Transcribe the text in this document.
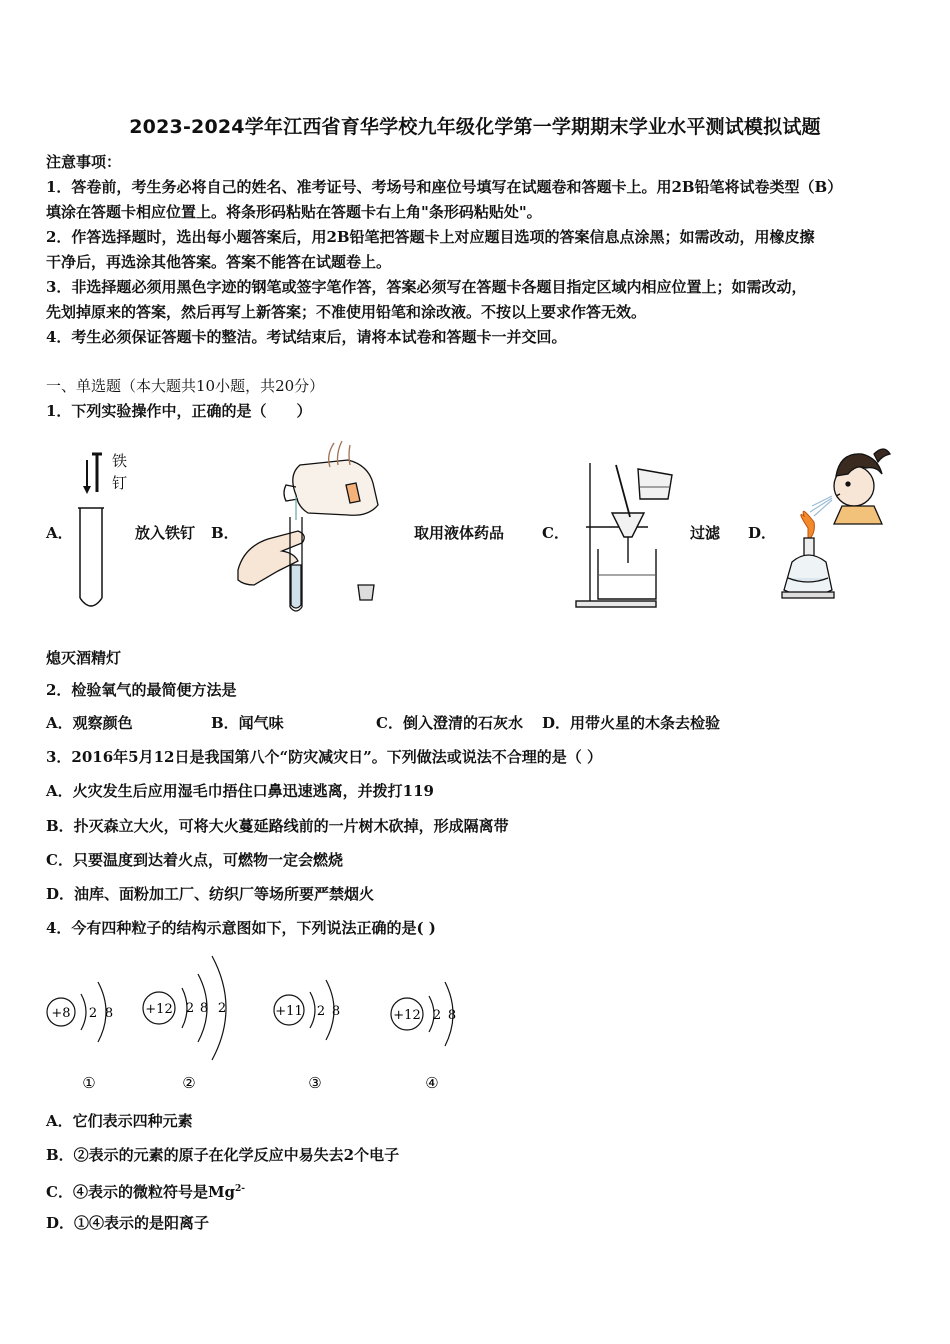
2023-2024学年江西省育华学校九年级化学第一学期期末学业水平测试模拟试题
注意事项：
1．答卷前，考生务必将自己的姓名、准考证号、考场号和座位号填写在试题卷和答题卡上。用2B铅笔将试卷类型（B）
填涂在答题卡相应位置上。将条形码粘贴在答题卡右上角"条形码粘贴处"。
2．作答选择题时，选出每小题答案后，用2B铅笔把答题卡上对应题目选项的答案信息点涂黑；如需改动，用橡皮擦
干净后，再选涂其他答案。答案不能答在试题卷上。
3．非选择题必须用黑色字迹的钢笔或签字笔作答，答案必须写在答题卡各题目指定区域内相应位置上；如需改动，
先划掉原来的答案，然后再写上新答案；不准使用铅笔和涂改液。不按以上要求作答无效。
4．考生必须保证答题卡的整洁。考试结束后，请将本试卷和答题卡一并交回。
一、单选题（本大题共10小题，共20分）
1．下列实验操作中，正确的是（　　）
A．
铁
钉
放入铁钉 B．	取用液体药品	C．	过滤 D．
熄灭酒精灯
2．检验氧气的最简便方法是
A．观察颜色	B．闻气味	C．倒入澄清的石灰水 D．用带火星的木条去检验
3．2016年5月12日是我国第八个“防灾减灾日”。下列做法或说法不合理的是（ ）
A．火灾发生后应用湿毛巾捂住口鼻迅速逃离，并拨打119
B．扑灭森立大火，可将大火蔓延路线前的一片树木砍掉，形成隔离带
C．只要温度到达着火点，可燃物一定会燃烧
D．油库、面粉加工厂、纺织厂等场所要严禁烟火
4．今有四种粒子的结构示意图如下，下列说法正确的是( )
+8 2 8
①
+12 2 8 2
②
+11 2 8
③
+12 2 8
④
A．它们表示四种元素
B．②表示的元素的原子在化学反应中易失去2个电子
C．④表示的微粒符号是$Mg^{2-}$
D．①④表示的是阳离子
